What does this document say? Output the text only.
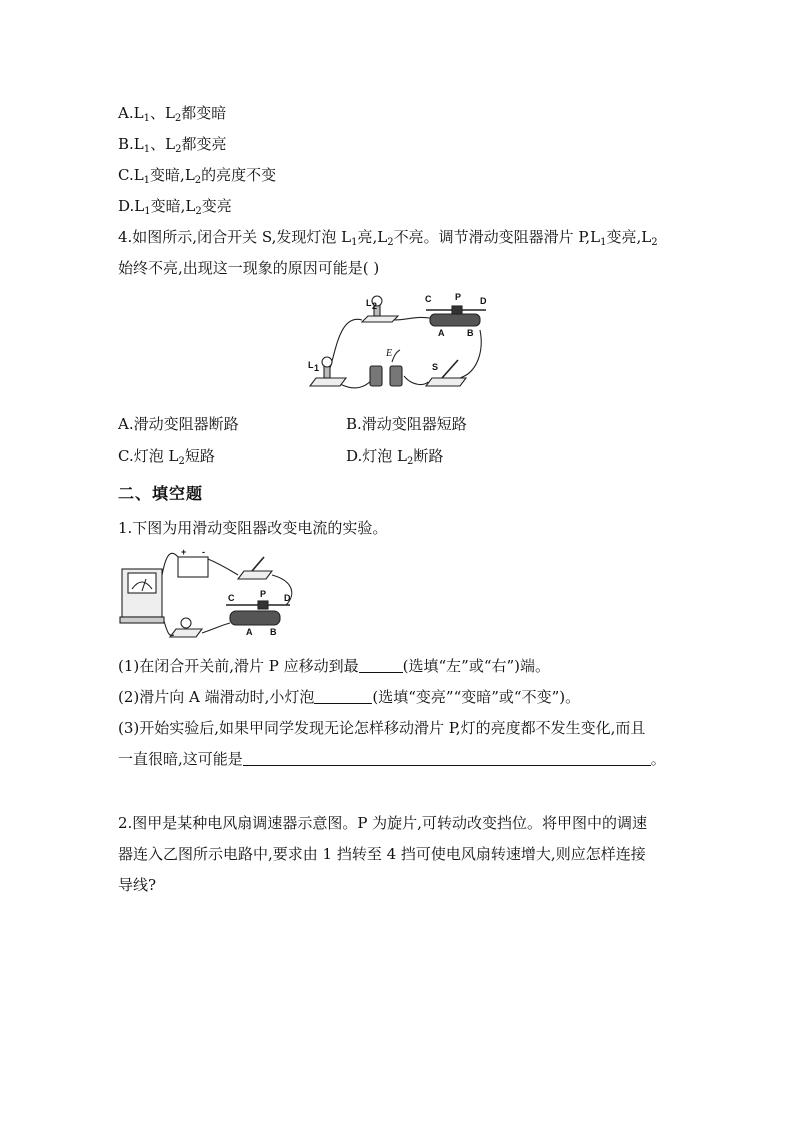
$A.L_1$、$L_2$都变暗
$B.L_1$、$L_2$都变亮
$C.L_1$变暗$,L_2$的亮度不变
$D.L_1$变暗$,L_2$变亮
4.如图所示,闭合开关 S,发现灯泡 $L_1$亮$,L_2$不亮。调节滑动变阻器滑片 $P,L_1$变亮$,L_2$
始终不亮,出现这一现象的原因可能是( )
L 2
L 1
C	P D
A	B
E
S
A.滑动变阻器断路	B.滑动变阻器短路
C.灯泡 $L_2$短路	D.灯泡 $L_2$断路
二、填空题
1.下图为用滑动变阻器改变电流的实验。
+ -
C	P D
A B
(1)在闭合开关前,滑片 P 应移动到最	(选填“左”或“右”)端。
(2)滑片向 A 端滑动时,小灯泡	(选填“变亮”“变暗”或“不变”)。
(3)开始实验后,如果甲同学发现无论怎样移动滑片 P,灯的亮度都不发生变化,而且
一直很暗,这可能是	。
2.图甲是某种电风扇调速器示意图。P 为旋片,可转动改变挡位。将甲图中的调速
器连入乙图所示电路中,要求由 1 挡转至 4 挡可使电风扇转速增大,则应怎样连接
导线?
